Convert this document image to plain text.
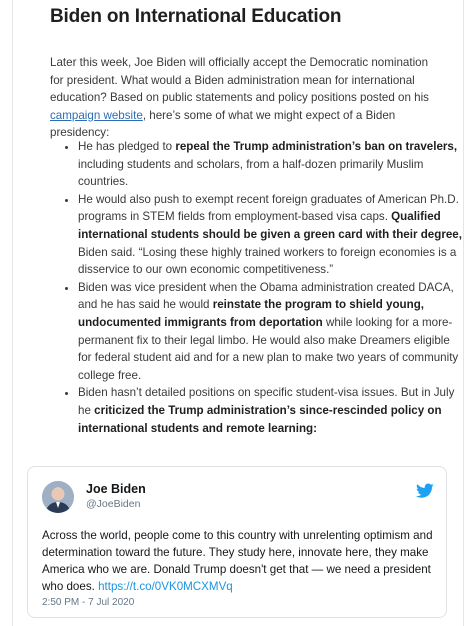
Biden on International Education
Later this week, Joe Biden will officially accept the Democratic nomination for president. What would a Biden administration mean for international education? Based on public statements and policy positions posted on his campaign website, here’s some of what we might expect of a Biden presidency:
• He has pledged to repeal the Trump administration’s ban on travelers, including students and scholars, from a half-dozen primarily Muslim countries.
• He would also push to exempt recent foreign graduates of American Ph.D. programs in STEM fields from employment-based visa caps. Qualified international students should be given a green card with their degree, Biden said. “Losing these highly trained workers to foreign economies is a disservice to our own economic competitiveness.”
• Biden was vice president when the Obama administration created DACA, and he has said he would reinstate the program to shield young, undocumented immigrants from deportation while looking for a more-permanent fix to their legal limbo. He would also make Dreamers eligible for federal student aid and for a new plan to make two years of community college free.
• Biden hasn’t detailed positions on specific student-visa issues. But in July he criticized the Trump administration’s since-rescinded policy on international students and remote learning:
Joe Biden
@JoeBiden
Across the world, people come to this country with unrelenting optimism and determination toward the future. They study here, innovate here, they make America who we are. Donald Trump doesn't get that — we need a president who does. https://t.co/0VK0MCXMVq
2:50 PM - 7 Jul 2020
